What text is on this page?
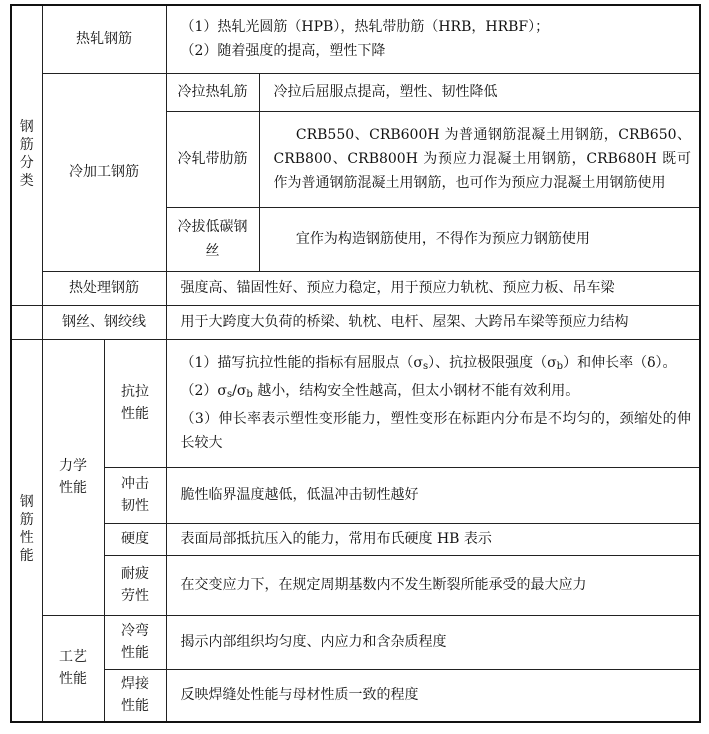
钢筋分类	热轧钢筋		（1）热轧光圆筋（HPB），热轧带肋筋（HRB，HRBF）；
（2）随着强度的提高，塑性下降	

	冷加工钢筋		冷拉热轧筋	冷拉后屈服点提高，塑性、韧性降低
			冷轧带肋筋	CRB550、CRB600H 为普通钢筋混凝土用钢筋，CRB650、CRB800、CRB800H 为预应力混凝土用钢筋，CRB680H 既可作为普通钢筋混凝土用钢筋，也可作为预应力混凝土用钢筋使用
			冷拔低碳钢丝	宜作为构造钢筋使用，不得作为预应力钢筋使用
	热处理钢筋		强度高、锚固性好、预应力稳定，用于预应力轨枕、预应力板、吊车梁	
	钢丝、钢绞线		用于大跨度大负荷的桥梁、轨枕、电杆、屋架、大跨吊车梁等预应力结构	
钢筋性能	力学性能	抗拉性能	（1）描写抗拉性能的指标有屈服点$(\sigma_s)$、抗拉极限强度$(\sigma_b)$和伸长率（δ）。
$(2)\sigma_s/\sigma_b$ 越小，结构安全性越高，但太小钢材不能有效利用。
（3）伸长率表示塑性变形能力，塑性变形在标距内分布是不均匀的，颈缩处的伸长较大	

		冲击韧性	脆性临界温度越低，低温冲击韧性越好	
		硬度	表面局部抵抗压入的能力，常用布氏硬度 HB 表示	
		耐疲劳性	在交变应力下，在规定周期基数内不发生断裂所能承受的最大应力	
	工艺性能	冷弯性能	揭示内部组织均匀度、内应力和含杂质程度	
		焊接性能	反映焊缝处性能与母材性质一致的程度	
